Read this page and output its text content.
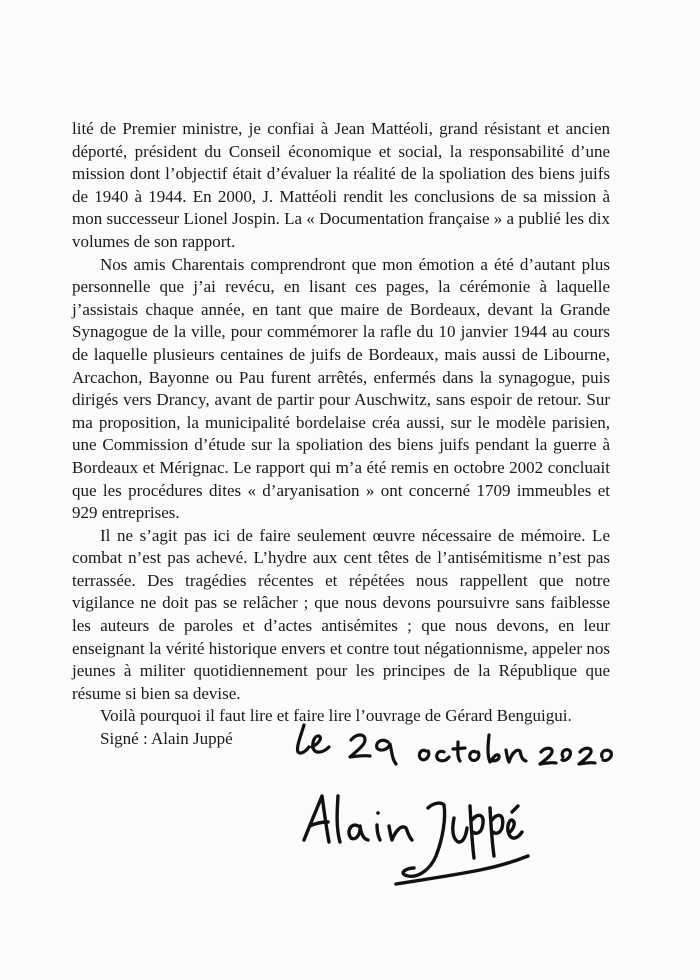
lité de Premier ministre, je confiai à Jean Mattéoli, grand résistant et ancien déporté, président du Conseil économique et social, la responsabilité d’une mission dont l’objectif était d’évaluer la réalité de la spoliation des biens juifs de 1940 à 1944. En 2000, J. Mattéoli rendit les conclusions de sa mission à mon successeur Lionel Jospin. La « Documentation française » a publié les dix volumes de son rapport.

Nos amis Charentais comprendront que mon émotion a été d’autant plus personnelle que j’ai revécu, en lisant ces pages, la cérémonie à laquelle j’assistais chaque année, en tant que maire de Bordeaux, devant la Grande Synagogue de la ville, pour commémorer la rafle du 10 janvier 1944 au cours de laquelle plusieurs centaines de juifs de Bordeaux, mais aussi de Libourne, Arcachon, Bayonne ou Pau furent arrêtés, enfermés dans la synagogue, puis dirigés vers Drancy, avant de partir pour Auschwitz, sans espoir de retour. Sur ma proposition, la municipalité bordelaise créa aussi, sur le modèle parisien, une Commission d’étude sur la spoliation des biens juifs pendant la guerre à Bordeaux et Mérignac. Le rapport qui m’a été remis en octobre 2002 concluait que les procédures dites « d’aryanisation » ont concerné 1709 immeubles et 929 entreprises.

Il ne s’agit pas ici de faire seulement œuvre nécessaire de mémoire. Le combat n’est pas achevé. L’hydre aux cent têtes de l’antisémitisme n’est pas terrassée. Des tragédies récentes et répétées nous rappellent que notre vigilance ne doit pas se relâcher ; que nous devons poursuivre sans faiblesse les auteurs de paroles et d’actes antisémites ; que nous devons, en leur enseignant la vérité historique envers et contre tout négationnisme, appeler nos jeunes à militer quotidiennement pour les principes de la République que résume si bien sa devise.

Voilà pourquoi il faut lire et faire lire l’ouvrage de Gérard Benguigui.

Signé : Alain Juppé
